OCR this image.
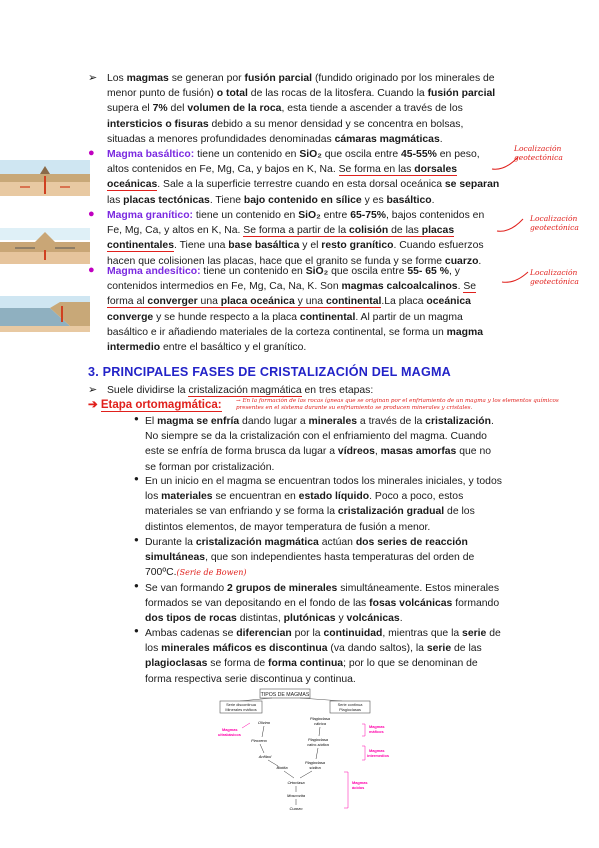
➢ Los magmas se generan por fusión parcial (fundido originado por los minerales de
menor punto de fusión) o total de las rocas de la litosfera. Cuando la fusión parcial
supera el 7% del volumen de la roca, esta tiende a ascender a través de los
intersticios o fisuras debido a su menor densidad y se concentra en bolsas,
situadas a menores profundidades denominadas cámaras magmáticas.
● Magma basáltico: tiene un contenido en SiO₂ que oscila entre 45-55% en peso,
altos contenidos en Fe, Mg, Ca, y bajos en K, Na. Se forma en las dorsales
oceánicas. Sale a la superficie terrestre cuando en esta dorsal oceánica se separan
las placas tectónicas. Tiene bajo contenido en sílice y es basáltico.
Localización geotectónica
● Magma granítico: tiene un contenido en SiO₂ entre 65-75%, bajos contenidos en
Fe, Mg, Ca, y altos en K, Na. Se forma a partir de la colisión de las placas
continentales. Tiene una base basáltica y el resto granítico. Cuando esfuerzos
hacen que colisionen las placas, hace que el granito se funda y se forme cuarzo.
Localización geotectónica
● Magma andesítico: tiene un contenido en SiO₂ que oscila entre 55- 65 %, y
contenidos intermedios en Fe, Mg, Ca, Na, K. Son magmas calcoalcalinos. Se
forma al converger una placa oceánica y una continental.La placa oceánica
converge y se hunde respecto a la placa continental. Al partir de un magma
basáltico e ir añadiendo materiales de la corteza continental, se forma un magma
intermedio entre el basáltico y el granítico.
Localización geotectónica
3. PRINCIPALES FASES DE CRISTALIZACIÓN DEL MAGMA
➢ Suele dividirse la cristalización magmática en tres etapas:
➔ Etapa ortomagmática:	→ En la formación de las rocas ígneas que se originan por el enfriamiento de un magma y los elementos químicos
presentes en el sistema durante su enfriamiento se producen minerales y cristales.
● El magma se enfría dando lugar a minerales a través de la cristalización.
No siempre se da la cristalización con el enfriamiento del magma. Cuando
este se enfría de forma brusca da lugar a vídreos, masas amorfas que no
se forman por cristalización.
● En un inicio en el magma se encuentran todos los minerales iniciales, y todos
los materiales se encuentran en estado líquido. Poco a poco, estos
materiales se van enfriando y se forma la cristalización gradual de los
distintos elementos, de mayor temperatura de fusión a menor.
● Durante la cristalización magmática actúan dos series de reacción
simultáneas, que son independientes hasta temperaturas del orden de
700ºC.(Serie de Bowen)
● Se van formando 2 grupos de minerales simultáneamente. Estos minerales
formados se van depositando en el fondo de las fosas volcánicas formando
dos tipos de rocas distintas, plutónicas y volcánicas.
● Ambas cadenas se diferencian por la continuidad, mientras que la serie de
los minerales máficos es discontinua (va dando saltos), la serie de las
plagioclasas se forma de forma continua; por lo que se denominan de
forma respectiva serie discontinua y continua.
TIPOS DE MAGMAS
Serie discontinua
Minerales máficos
Serie continua
Plagioclasas
Olivino
Piroxeno
Anfíbol
Biotita
Plagioclasa
cálcica
Plagioclasa
calco-sódica
Plagioclasa
sódica
Ortoclasa
Moscovita
Cuarzo
Magmas
ultrabásicos
Magmas
máficos
Magmas
intermedios
Magmas
ácidos
